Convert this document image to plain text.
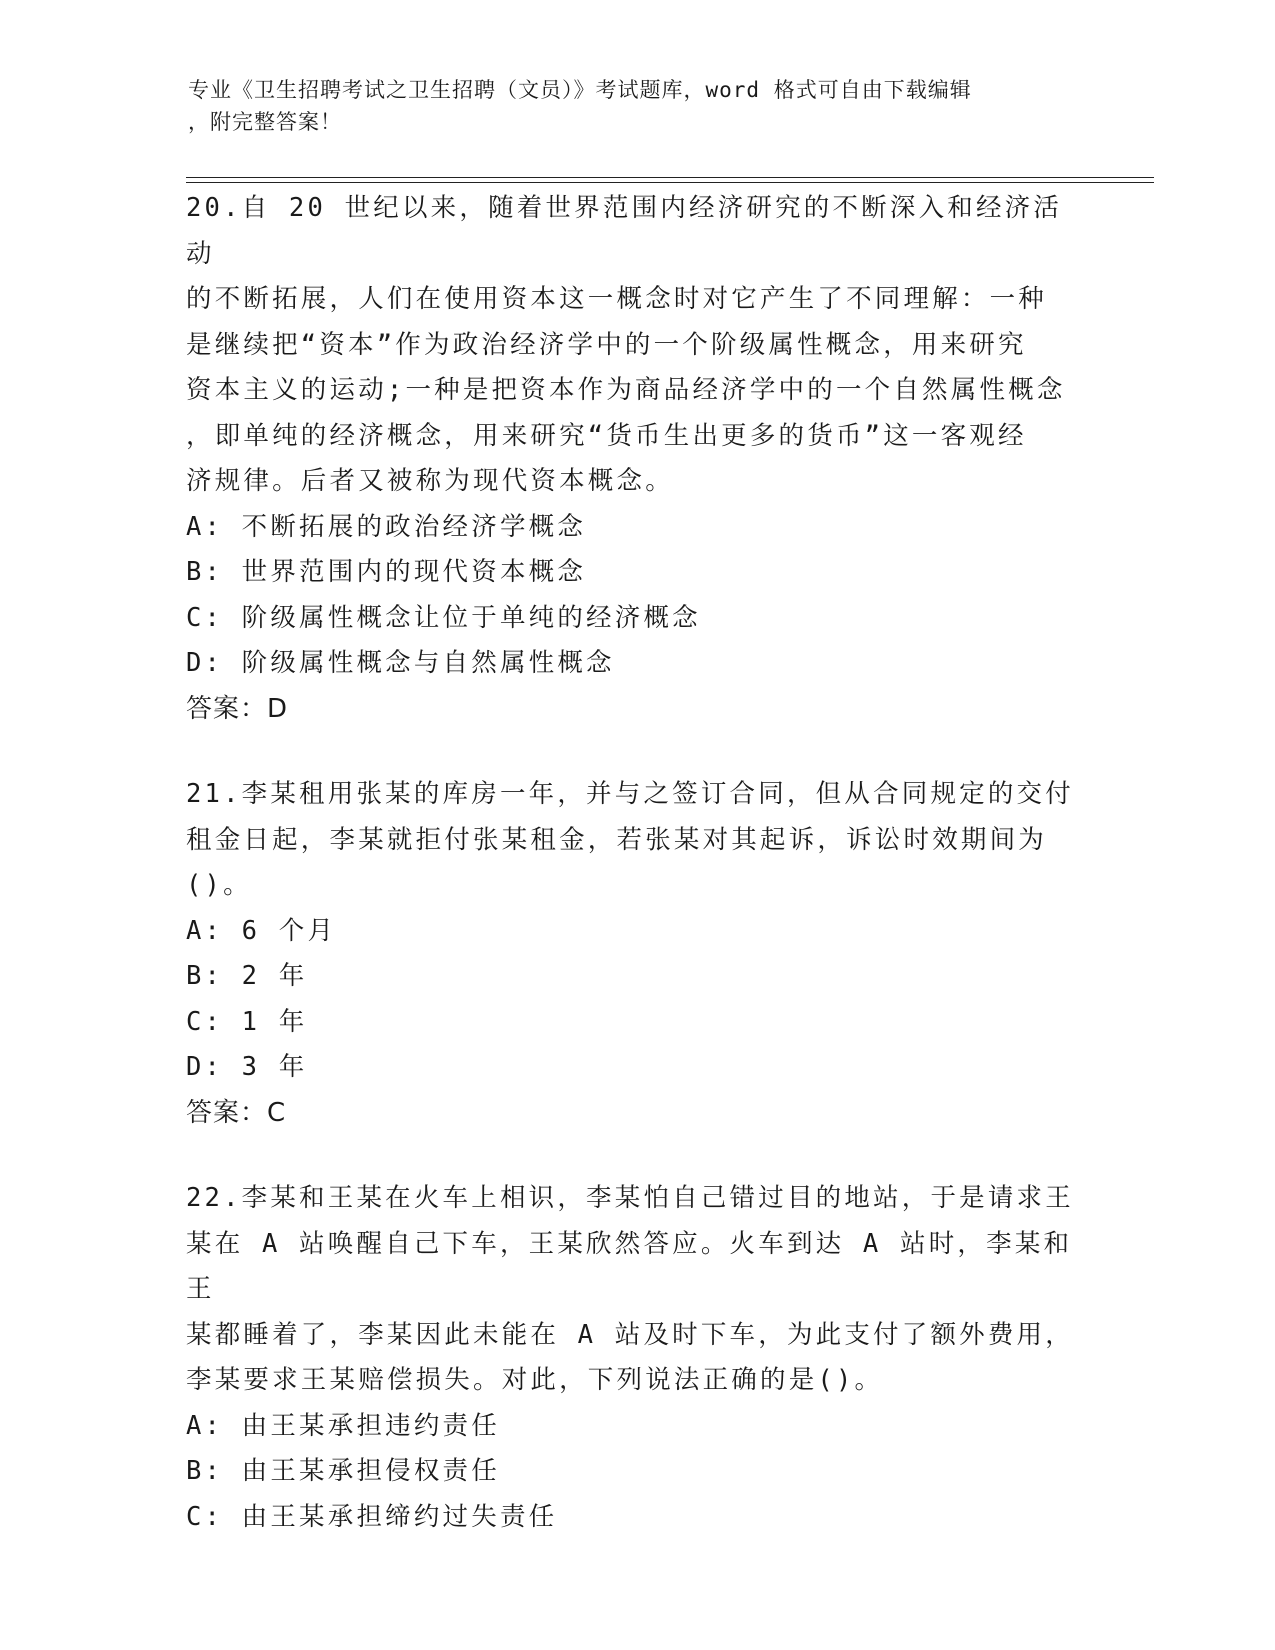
专业《卫生招聘考试之卫生招聘（文员）》考试题库，word 格式可自由下载编辑
，附完整答案！
20.自 20 世纪以来，随着世界范围内经济研究的不断深入和经济活动
的不断拓展，人们在使用资本这一概念时对它产生了不同理解：一种
是继续把“资本”作为政治经济学中的一个阶级属性概念，用来研究
资本主义的运动;一种是把资本作为商品经济学中的一个自然属性概念
，即单纯的经济概念，用来研究“货币生出更多的货币”这一客观经
济规律。后者又被称为现代资本概念。
A: 不断拓展的政治经济学概念
B: 世界范围内的现代资本概念
C: 阶级属性概念让位于单纯的经济概念
D: 阶级属性概念与自然属性概念
答案：D
21.李某租用张某的库房一年，并与之签订合同，但从合同规定的交付
租金日起，李某就拒付张某租金，若张某对其起诉，诉讼时效期间为
()。
A: 6 个月
B: 2 年
C: 1 年
D: 3 年
答案：C
22.李某和王某在火车上相识，李某怕自己错过目的地站，于是请求王
某在 A 站唤醒自己下车，王某欣然答应。火车到达 A 站时，李某和王
某都睡着了，李某因此未能在 A 站及时下车，为此支付了额外费用，
李某要求王某赔偿损失。对此，下列说法正确的是()。
A: 由王某承担违约责任
B: 由王某承担侵权责任
C: 由王某承担缔约过失责任
